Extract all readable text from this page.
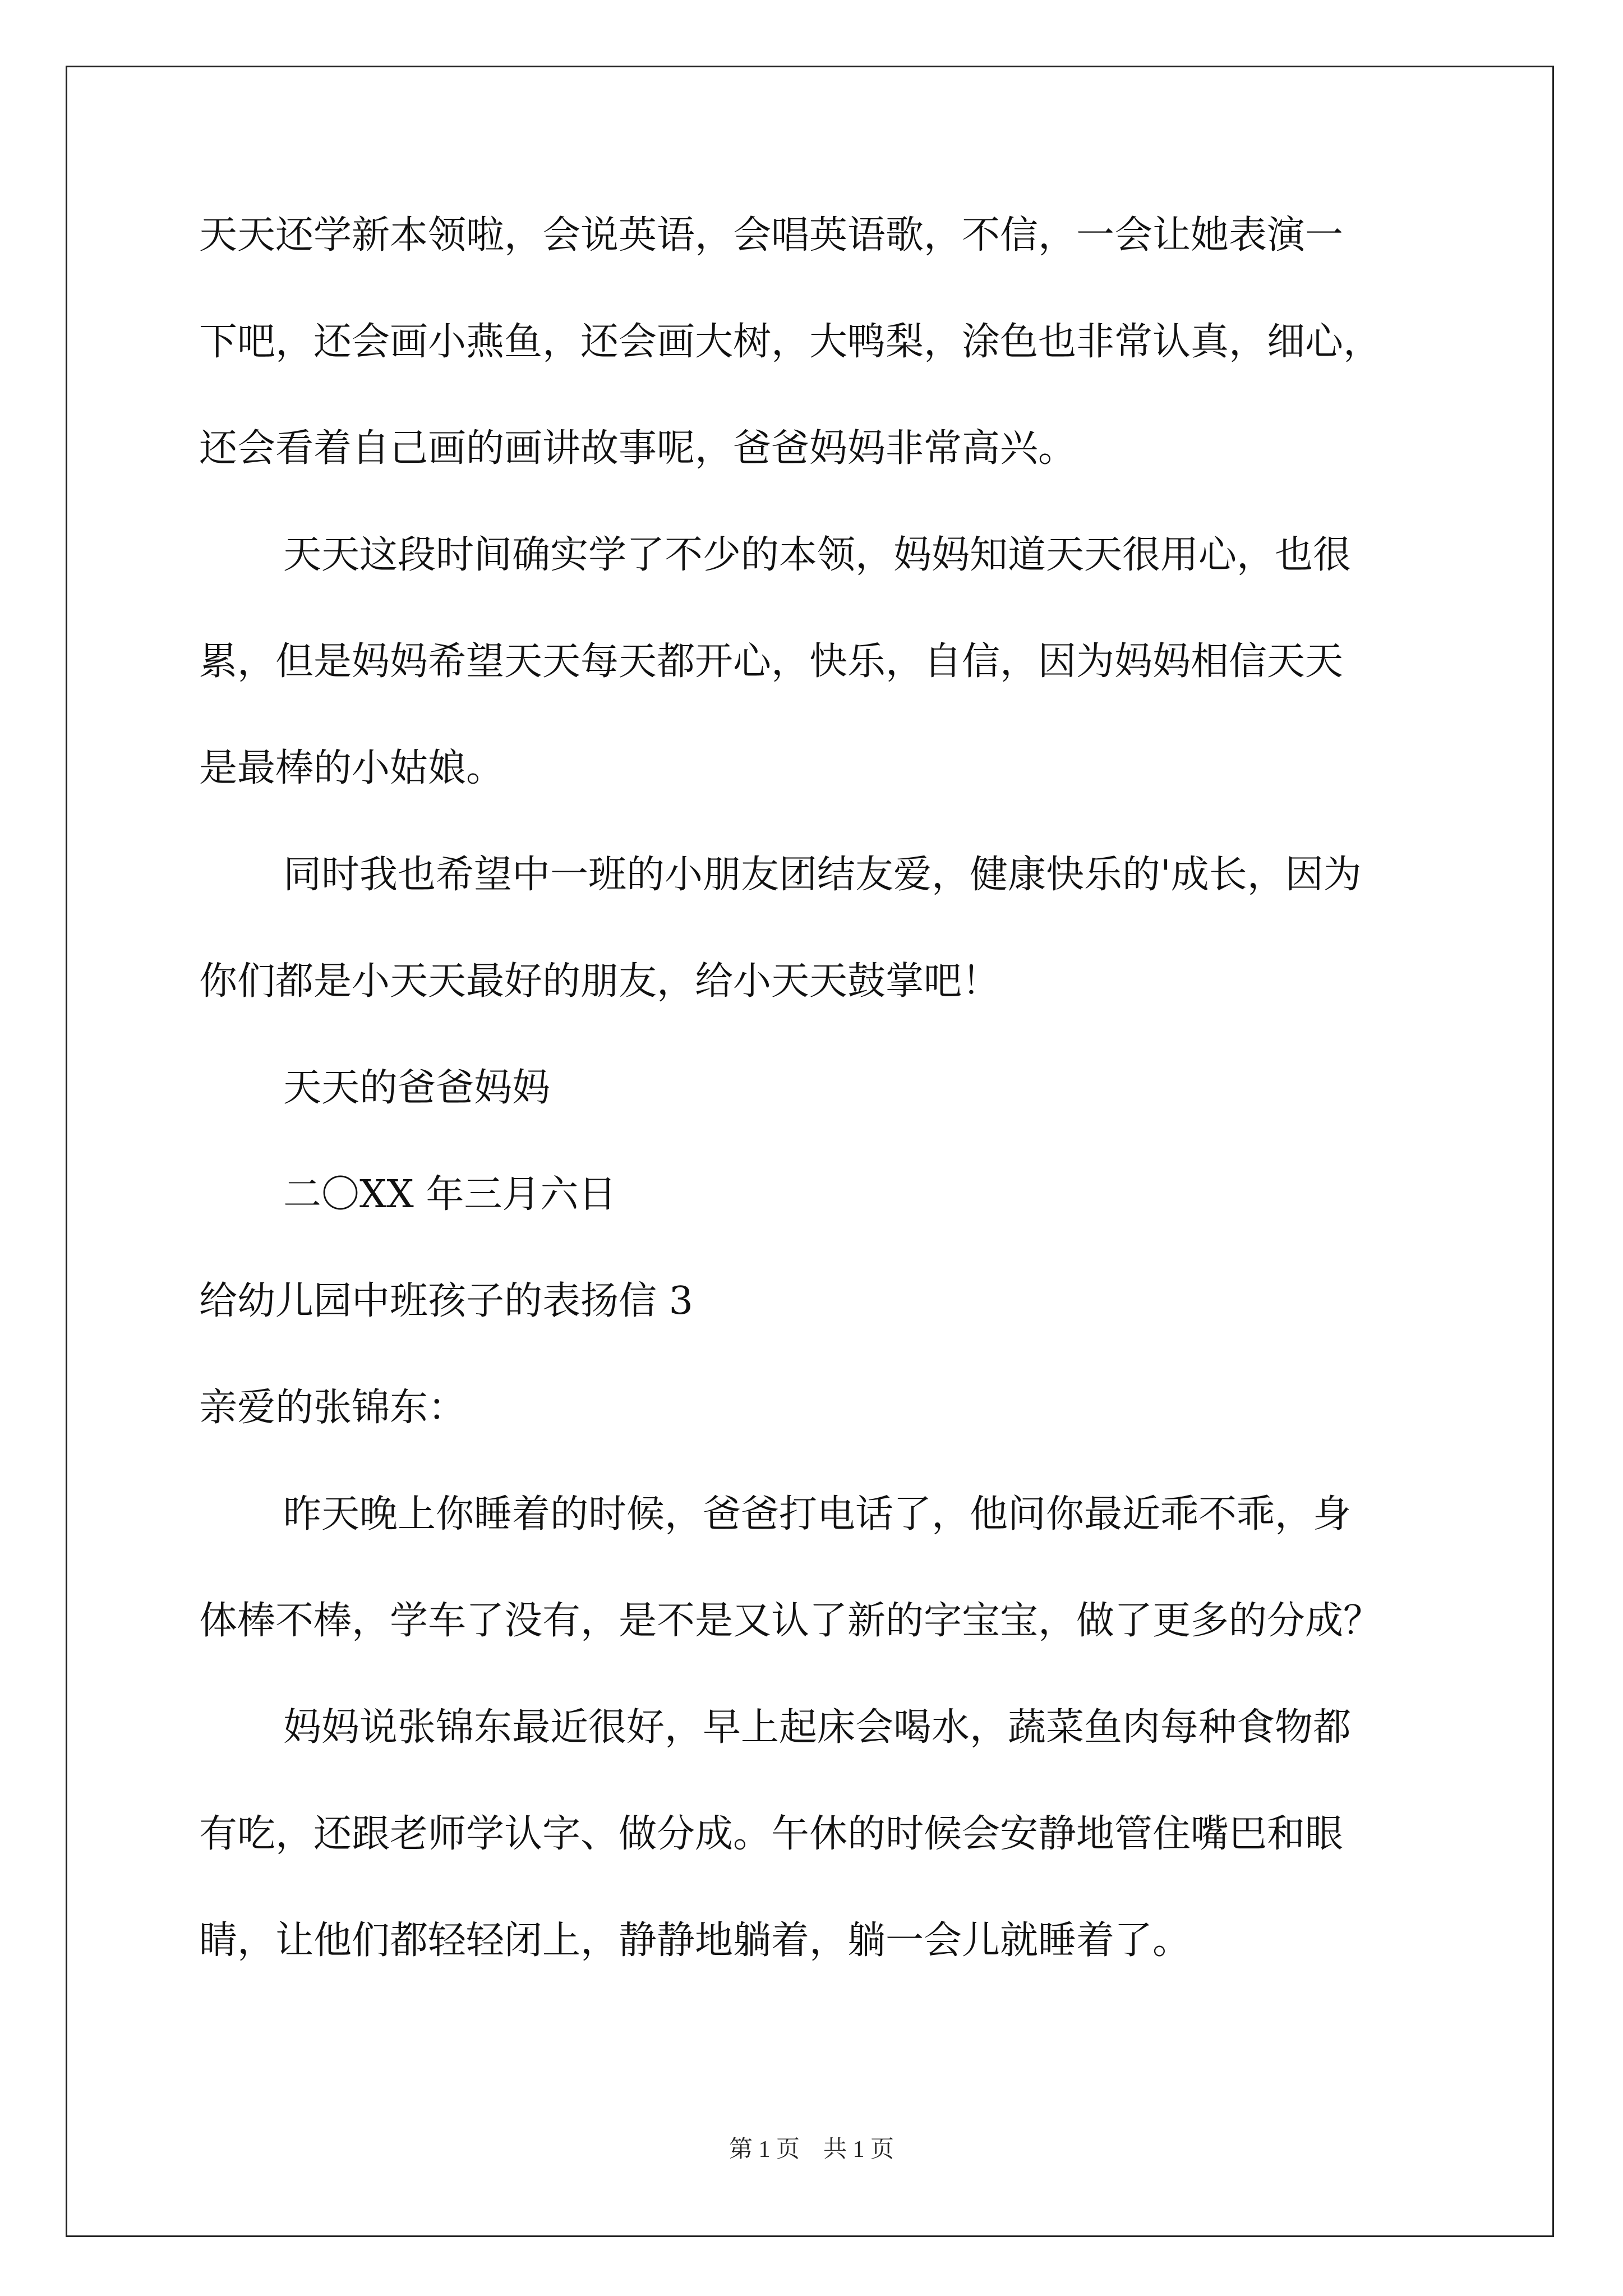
天天还学新本领啦，会说英语，会唱英语歌，不信，一会让她表演一
下吧，还会画小燕鱼，还会画大树，大鸭梨，涂色也非常认真，细心，
还会看着自己画的画讲故事呢，爸爸妈妈非常高兴。
天天这段时间确实学了不少的本领，妈妈知道天天很用心，也很
累，但是妈妈希望天天每天都开心，快乐，自信，因为妈妈相信天天
是最棒的小姑娘。
同时我也希望中一班的小朋友团结友爱，健康快乐的'成长，因为
你们都是小天天最好的朋友，给小天天鼓掌吧！
天天的爸爸妈妈
二〇XX 年三月六日
给幼儿园中班孩子的表扬信 3
亲爱的张锦东：
昨天晚上你睡着的时候，爸爸打电话了，他问你最近乖不乖，身
体棒不棒，学车了没有，是不是又认了新的字宝宝，做了更多的分成？
妈妈说张锦东最近很好，早上起床会喝水，蔬菜鱼肉每种食物都
有吃，还跟老师学认字、做分成。午休的时候会安静地管住嘴巴和眼
睛，让他们都轻轻闭上，静静地躺着，躺一会儿就睡着了。
第 1 页　共 1 页
